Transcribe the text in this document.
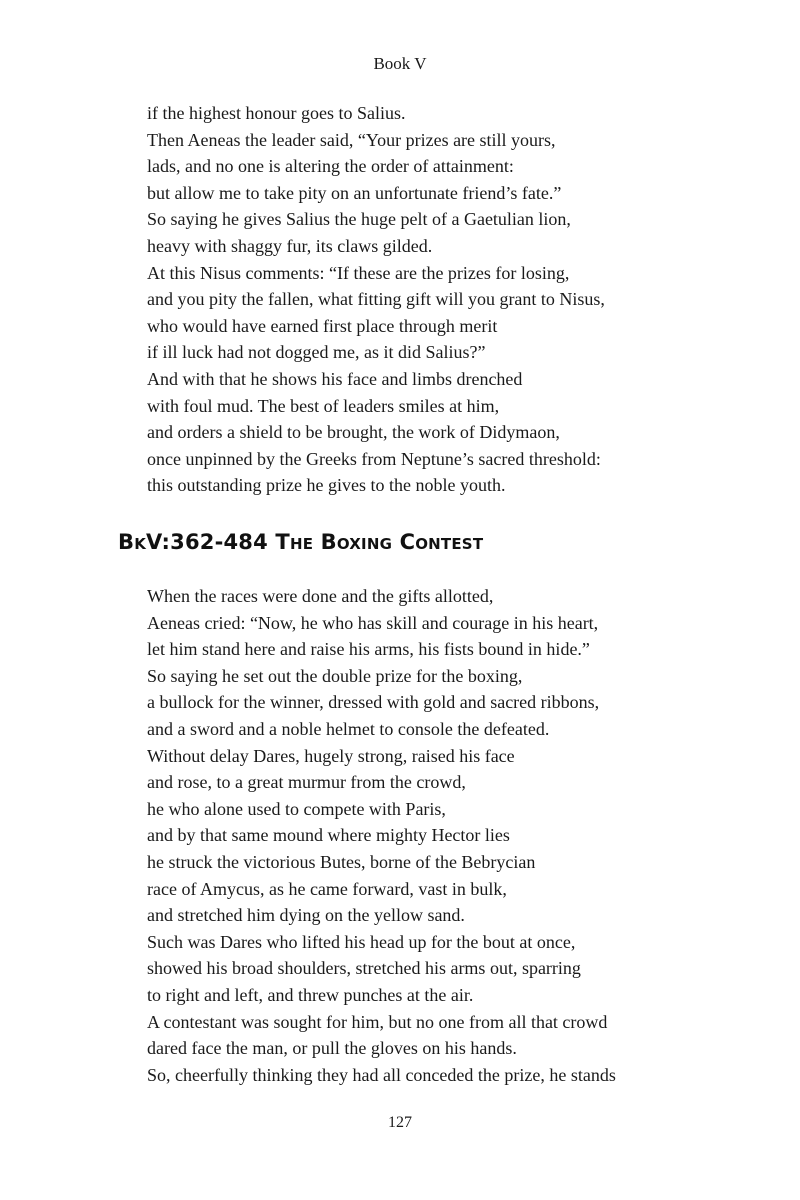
Book V
if the highest honour goes to Salius.
Then Aeneas the leader said, “Your prizes are still yours,
lads, and no one is altering the order of attainment:
but allow me to take pity on an unfortunate friend’s fate.”
So saying he gives Salius the huge pelt of a Gaetulian lion,
heavy with shaggy fur, its claws gilded.
At this Nisus comments: “If these are the prizes for losing,
and you pity the fallen, what fitting gift will you grant to Nisus,
who would have earned first place through merit
if ill luck had not dogged me, as it did Salius?”
And with that he shows his face and limbs drenched
with foul mud. The best of leaders smiles at him,
and orders a shield to be brought, the work of Didymaon,
once unpinned by the Greeks from Neptune’s sacred threshold:
this outstanding prize he gives to the noble youth.
BkV:362-484 The Boxing Contest
When the races were done and the gifts allotted,
Aeneas cried: “Now, he who has skill and courage in his heart,
let him stand here and raise his arms, his fists bound in hide.”
So saying he set out the double prize for the boxing,
a bullock for the winner, dressed with gold and sacred ribbons,
and a sword and a noble helmet to console the defeated.
Without delay Dares, hugely strong, raised his face
and rose, to a great murmur from the crowd,
he who alone used to compete with Paris,
and by that same mound where mighty Hector lies
he struck the victorious Butes, borne of the Bebrycian
race of Amycus, as he came forward, vast in bulk,
and stretched him dying on the yellow sand.
Such was Dares who lifted his head up for the bout at once,
showed his broad shoulders, stretched his arms out, sparring
to right and left, and threw punches at the air.
A contestant was sought for him, but no one from all that crowd
dared face the man, or pull the gloves on his hands.
So, cheerfully thinking they had all conceded the prize, he stands
127
